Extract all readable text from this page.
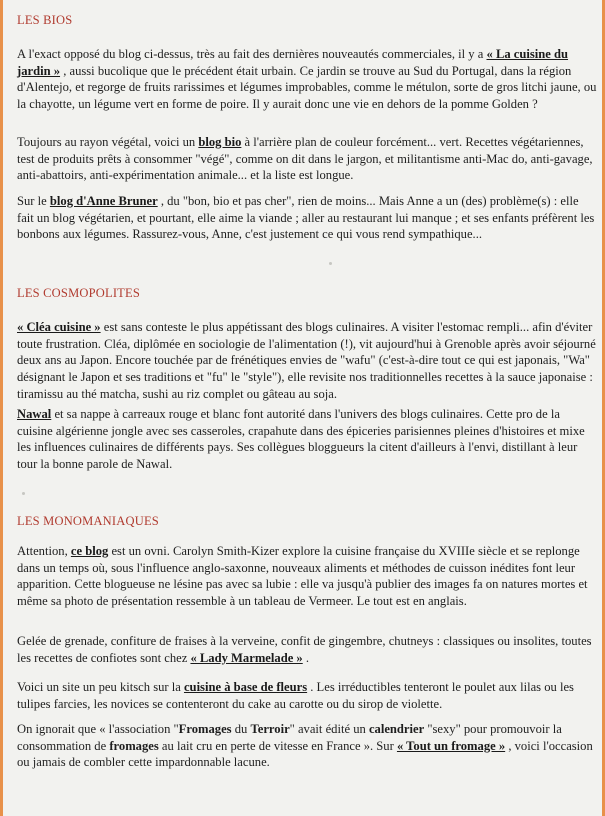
LES BIOS

A l'exact opposé du blog ci-dessus, très au fait des dernières nouveautés commerciales, il y a « La cuisine du jardin » , aussi bucolique que le précédent était urbain. Ce jardin se trouve au Sud du Portugal, dans la région d'Alentejo, et regorge de fruits rarissimes et légumes improbables, comme le métulon, sorte de gros litchi jaune, ou la chayotte, un légume vert en forme de poire. Il y aurait donc une vie en dehors de la pomme Golden ?

Toujours au rayon végétal, voici un blog bio à l'arrière plan de couleur forcément... vert. Recettes végétariennes, test de produits prêts à consommer "végé", comme on dit dans le jargon, et militantisme anti-Mac do, anti-gavage, anti-abattoirs, anti-expérimentation animale... et la liste est longue.

Sur le blog d'Anne Bruner , du "bon, bio et pas cher", rien de moins... Mais Anne a un (des) problème(s) : elle fait un blog végétarien, et pourtant, elle aime la viande ; aller au restaurant lui manque ; et ses enfants préfèrent les bonbons aux légumes. Rassurez-vous, Anne, c'est justement ce qui vous rend sympathique...

LES COSMOPOLITES

« Cléa cuisine » est sans conteste le plus appétissant des blogs culinaires. A visiter l'estomac rempli... afin d'éviter toute frustration. Cléa, diplômée en sociologie de l'alimentation (!), vit aujourd'hui à Grenoble après avoir séjourné deux ans au Japon. Encore touchée par de frénétiques envies de "wafu" (c'est-à-dire tout ce qui est japonais, "Wa" désignant le Japon et ses traditions et "fu" le "style"), elle revisite nos traditionnelles recettes à la sauce japonaise : tiramissu au thé matcha, sushi au riz complet ou gâteau au soja.

Nawal et sa nappe à carreaux rouge et blanc font autorité dans l'univers des blogs culinaires. Cette pro de la cuisine algérienne jongle avec ses casseroles, crapahute dans des épiceries parisiennes pleines d'histoires et mixe les influences culinaires de différents pays. Ses collègues bloggueurs la citent d'ailleurs à l'envi, distillant à leur tour la bonne parole de Nawal.

LES MONOMANIAQUES

Attention, ce blog est un ovni. Carolyn Smith-Kizer explore la cuisine française du XVIIIe siècle et se replonge dans un temps où, sous l'influence anglo-saxonne, nouveaux aliments et méthodes de cuisson inédites font leur apparition. Cette blogueuse ne lésine pas avec sa lubie : elle va jusqu'à publier des images fa on natures mortes et même sa photo de présentation ressemble à un tableau de Vermeer. Le tout est en anglais.

Gelée de grenade, confiture de fraises à la verveine, confit de gingembre, chutneys : classiques ou insolites, toutes les recettes de confiotes sont chez « Lady Marmelade » .

Voici un site un peu kitsch sur la cuisine à base de fleurs . Les irréductibles tenteront le poulet aux lilas ou les tulipes farcies, les novices se contenteront du cake au carotte ou du sirop de violette.

On ignorait que « l'association "Fromages du Terroir" avait édité un calendrier "sexy" pour promouvoir la consommation de fromages au lait cru en perte de vitesse en France ». Sur « Tout un fromage » , voici l'occasion ou jamais de combler cette impardonnable lacune.
